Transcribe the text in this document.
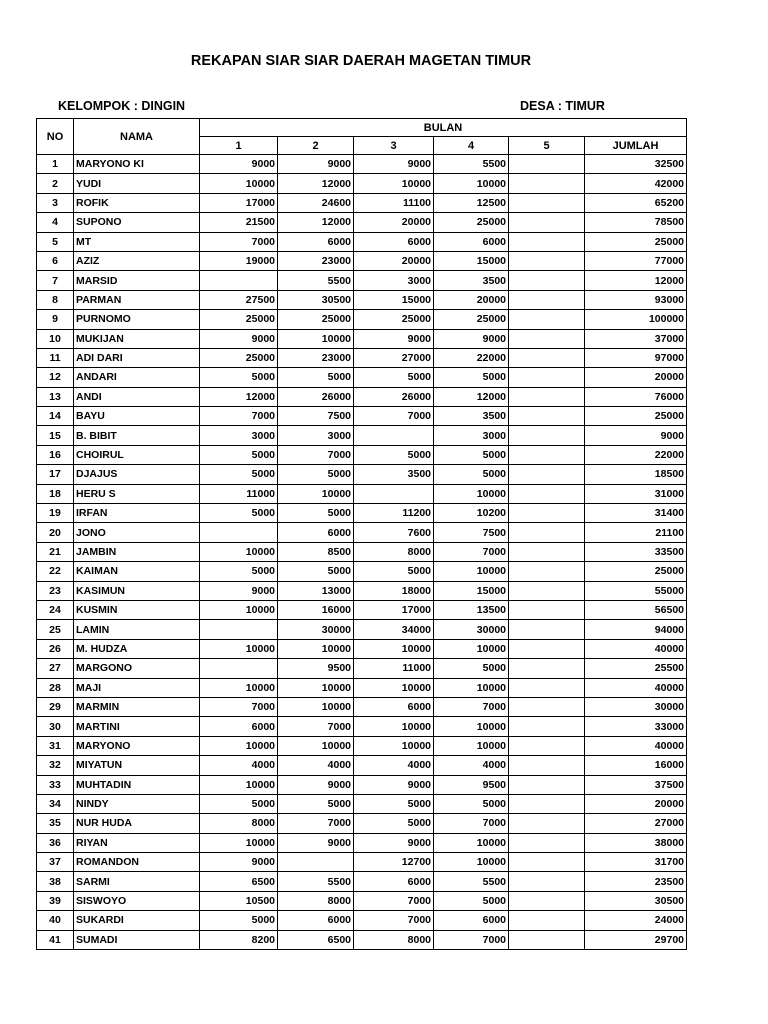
REKAPAN SIAR SIAR DAERAH MAGETAN TIMUR
KELOMPOK : DINGIN	DESA : TIMUR
NO	NAMA	BULAN					
		1	2	3	4	5	JUMLAH
1	MARYONO KI	9000	9000	9000	5500		32500
2	YUDI	10000	12000	10000	10000		42000
3	ROFIK	17000	24600	11100	12500		65200
4	SUPONO	21500	12000	20000	25000		78500
5	MT	7000	6000	6000	6000		25000
6	AZIZ	19000	23000	20000	15000		77000
7	MARSID		5500	3000	3500		12000
8	PARMAN	27500	30500	15000	20000		93000
9	PURNOMO	25000	25000	25000	25000		100000
10	MUKIJAN	9000	10000	9000	9000		37000
11	ADI DARI	25000	23000	27000	22000		97000
12	ANDARI	5000	5000	5000	5000		20000
13	ANDI	12000	26000	26000	12000		76000
14	BAYU	7000	7500	7000	3500		25000
15	B. BIBIT	3000	3000		3000		9000
16	CHOIRUL	5000	7000	5000	5000		22000
17	DJAJUS	5000	5000	3500	5000		18500
18	HERU S	11000	10000		10000		31000
19	IRFAN	5000	5000	11200	10200		31400
20	JONO		6000	7600	7500		21100
21	JAMBIN	10000	8500	8000	7000		33500
22	KAIMAN	5000	5000	5000	10000		25000
23	KASIMUN	9000	13000	18000	15000		55000
24	KUSMIN	10000	16000	17000	13500		56500
25	LAMIN		30000	34000	30000		94000
26	M. HUDZA	10000	10000	10000	10000		40000
27	MARGONO		9500	11000	5000		25500
28	MAJI	10000	10000	10000	10000		40000
29	MARMIN	7000	10000	6000	7000		30000
30	MARTINI	6000	7000	10000	10000		33000
31	MARYONO	10000	10000	10000	10000		40000
32	MIYATUN	4000	4000	4000	4000		16000
33	MUHTADIN	10000	9000	9000	9500		37500
34	NINDY	5000	5000	5000	5000		20000
35	NUR HUDA	8000	7000	5000	7000		27000
36	RIYAN	10000	9000	9000	10000		38000
37	ROMANDON	9000		12700	10000		31700
38	SARMI	6500	5500	6000	5500		23500
39	SISWOYO	10500	8000	7000	5000		30500
40	SUKARDI	5000	6000	7000	6000		24000
41	SUMADI	8200	6500	8000	7000		29700
